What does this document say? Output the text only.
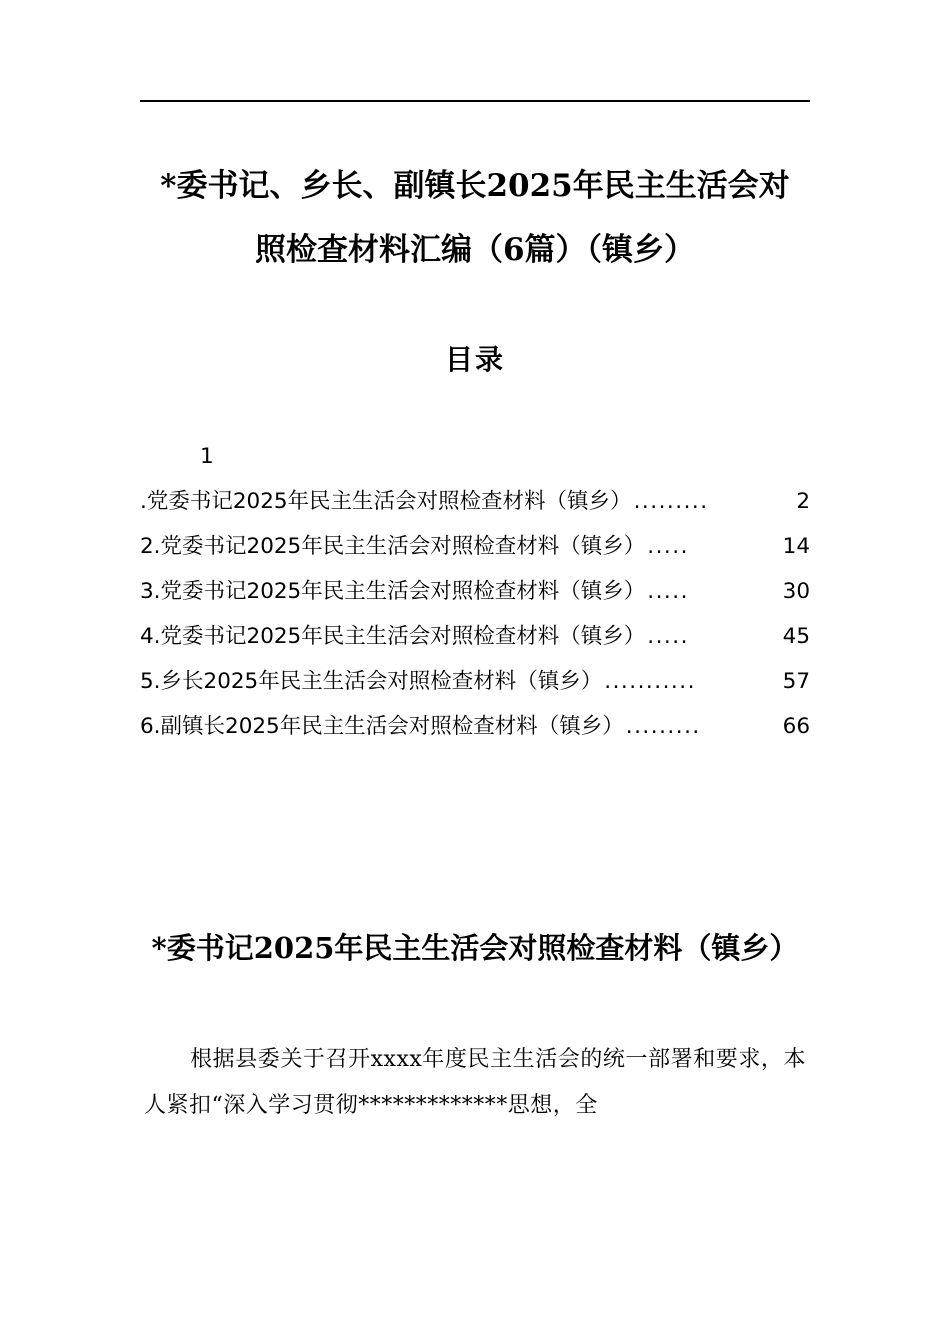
*委书记、乡长、副镇长2025年民主生活会对照检查材料汇编（6篇）（镇乡）
目录
1
.党委书记2025年民主生活会对照检查材料（镇乡） .........	2
2.党委书记2025年民主生活会对照检查材料（镇乡） .....	14
3.党委书记2025年民主生活会对照检查材料（镇乡） .....	30
4.党委书记2025年民主生活会对照检查材料（镇乡） .....	45
5.乡长2025年民主生活会对照检查材料（镇乡） ...........	57
6.副镇长2025年民主生活会对照检查材料（镇乡） .........	66
*委书记2025年民主生活会对照检查材料（镇乡）
根据县委关于召开xxxx年度民主生活会的统一部署和要求，本人紧扣“深入学习贯彻*************思想，全
